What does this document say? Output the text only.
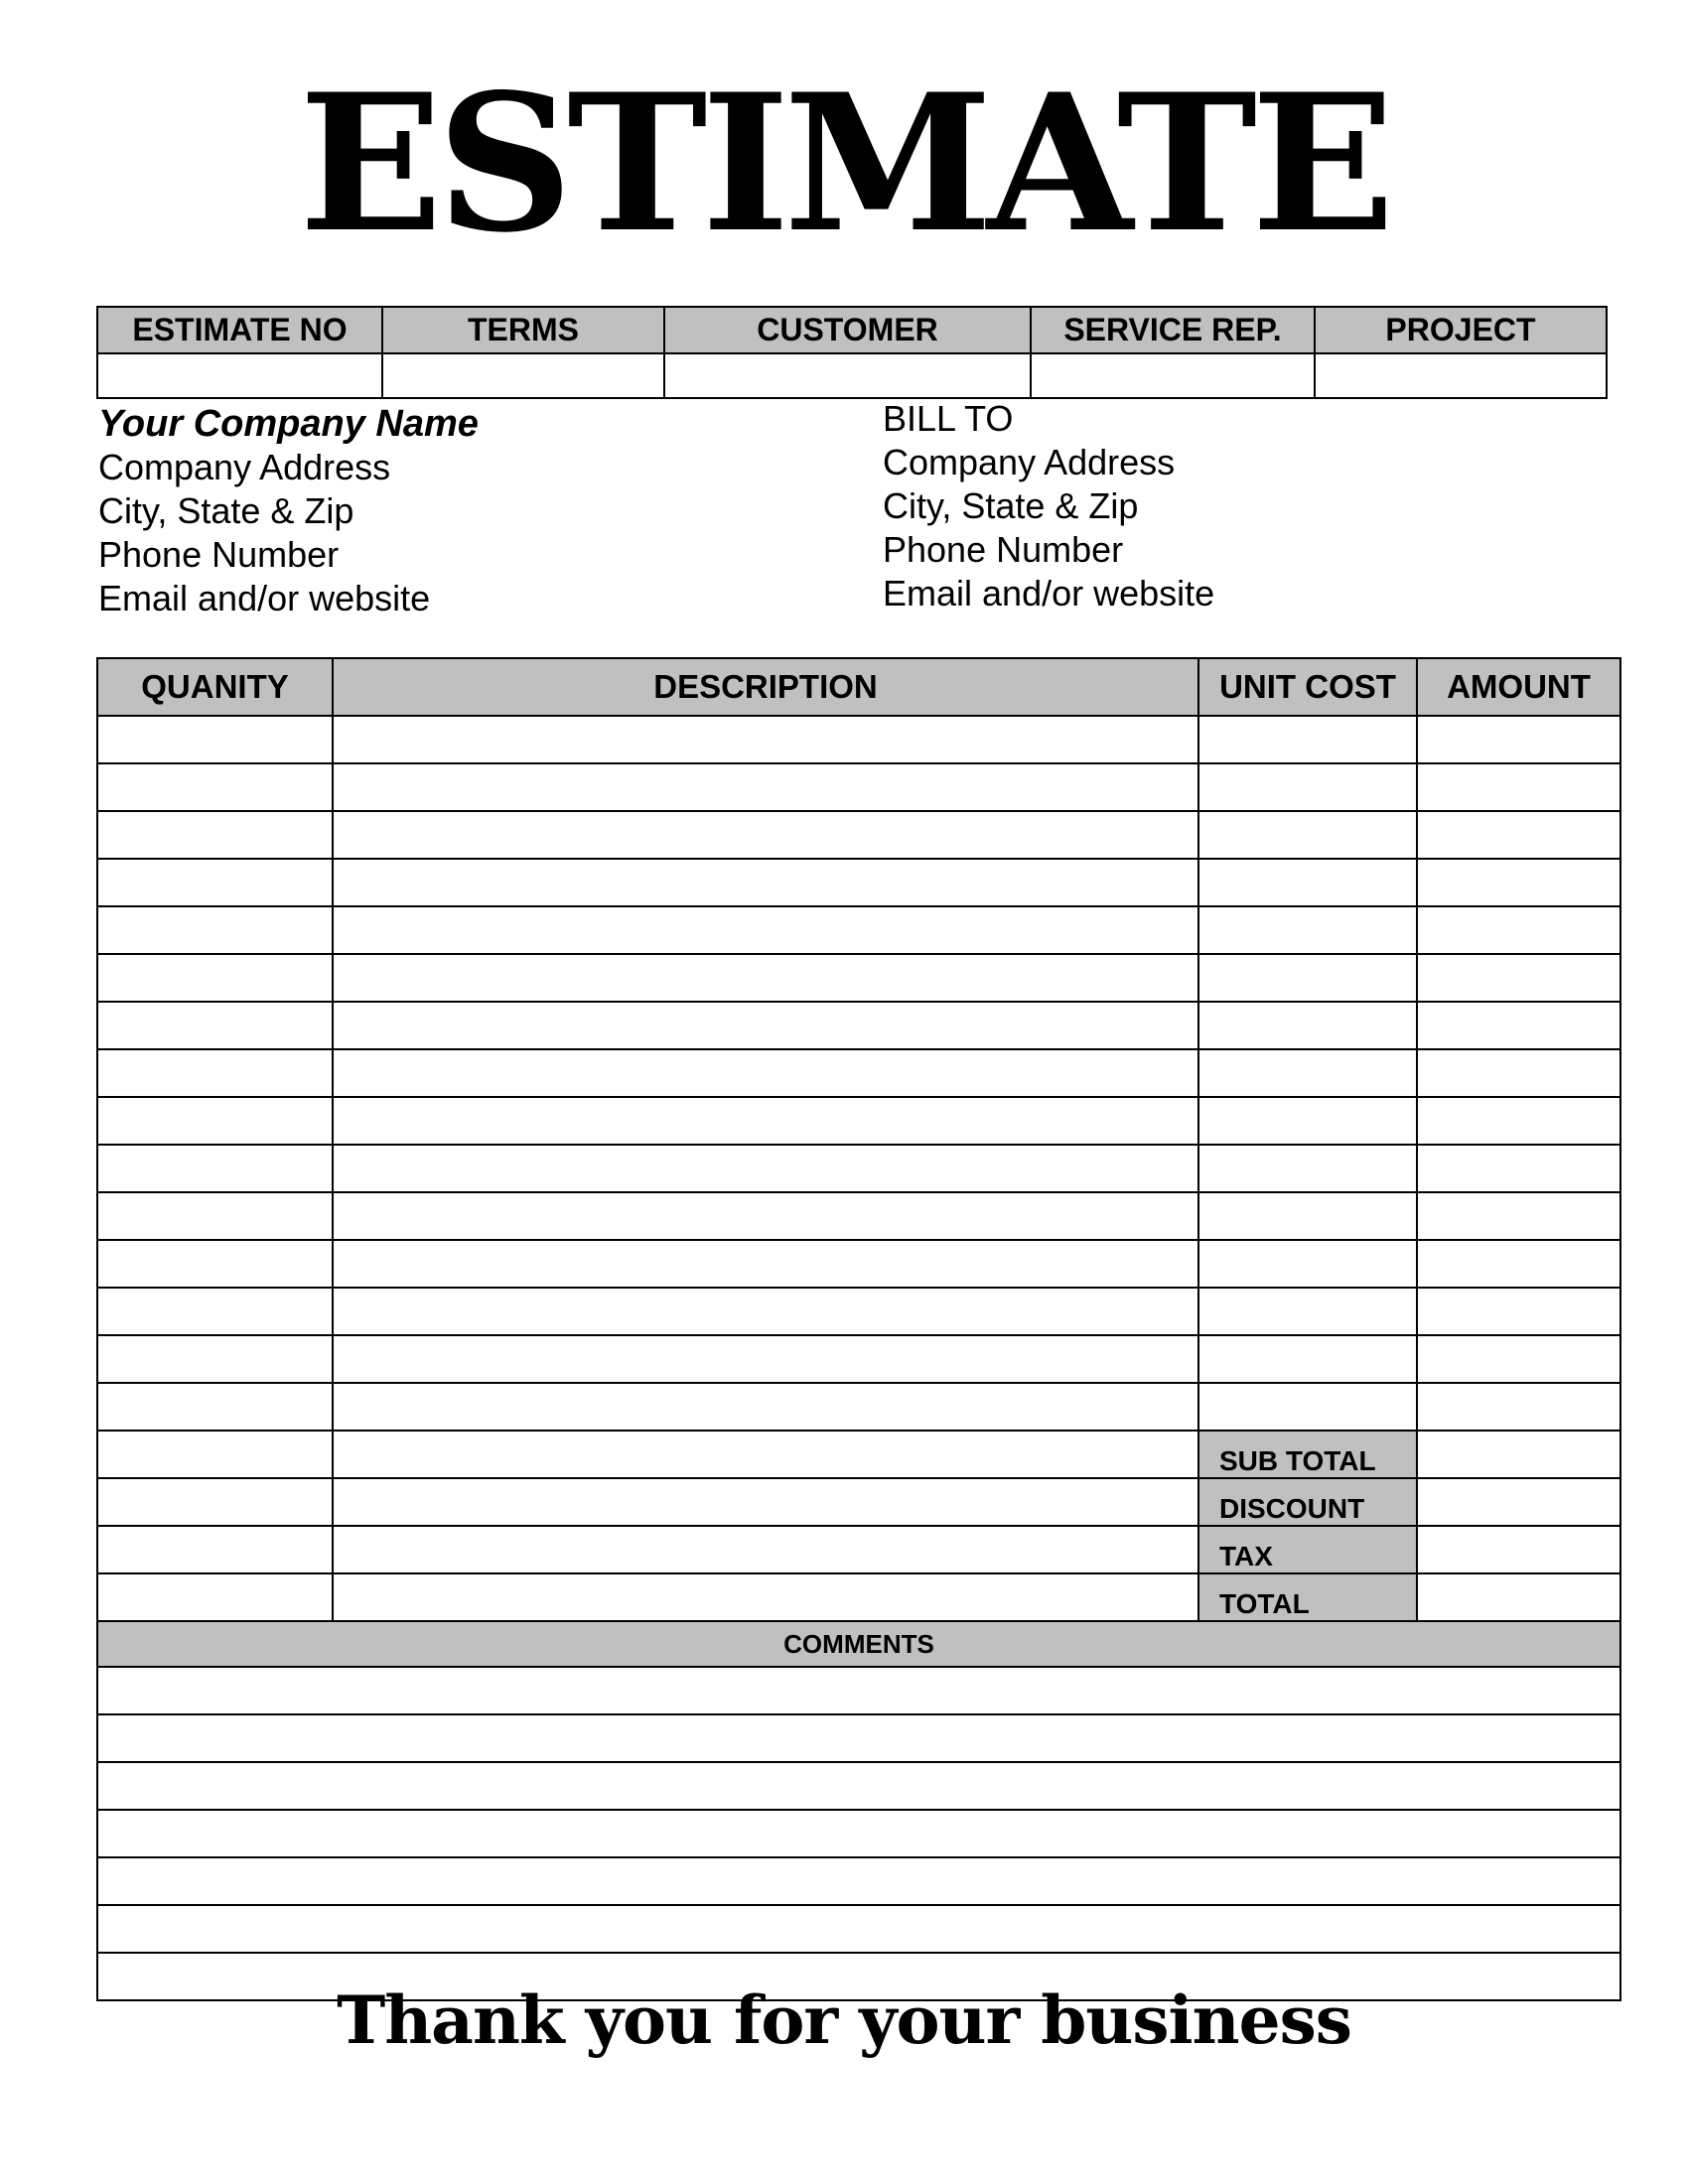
ESTIMATE
ESTIMATE NO	TERMS	CUSTOMER	SERVICE REP.	PROJECT

Your Company Name
Company Address
City, State & Zip
Phone Number
Email and/or website
BILL TO
Company Address
City, State & Zip
Phone Number
Email and/or website
QUANITY	DESCRIPTION	UNIT COST	AMOUNT

		SUB TOTAL	
		DISCOUNT	
		TAX	
		TOTAL	
COMMENTS			

Thank you for your business
